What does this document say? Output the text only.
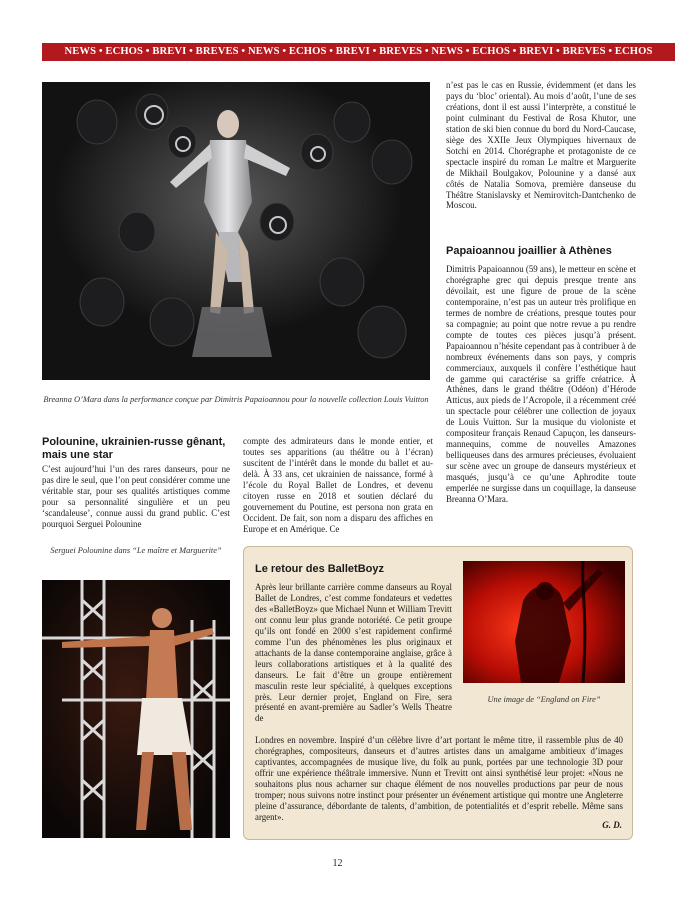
NEWS • ECHOS • BREVI • BREVES • NEWS • ECHOS • BREVI • BREVES • NEWS • ECHOS • BREVI • BREVES • ECHOS
Breanna O’Mara dans la performance conçue par Dimitris Papaioannou pour la nouvelle collection Louis Vuitton

n’est pas le cas en Russie, évidemment (et dans les pays du ‘bloc’ oriental). Au mois d’août, l’une de ses créations, dont il est aussi l’interprète, a constitué le point culminant du Festival de Rosa Khutor, une station de ski bien connue du bord du Nord-Caucase, siège des XXIIe Jeux Olympiques hivernaux de Sotchi en 2014. Chorégraphe et protagoniste de ce spectacle inspiré du roman Le maître et Marguerite de Mikhail Boulgakov, Polounine y a dansé aux côtés de Natalia Somova, première danseuse du Théâtre Stanislavsky et Nemirovitch-Dantchenko de Moscou.

Papaioannou joaillier à Athènes

Dimitris Papaioannou (59 ans), le metteur en scène et chorégraphe grec qui depuis presque trente ans dévoilait, est une figure de proue de la scène contemporaine, n’est pas un auteur très prolifique en termes de nombre de créations, presque toutes pour sa compagnie; au point que notre revue a pu rendre compte de toutes ces pièces jusqu’à présent. Papaioannou n’hésite cependant pas à contribuer à de nombreux événements dans son pays, y compris commerciaux, auxquels il confère l’esthétique haut de gamme qui caractérise sa griffe créatrice. À Athènes, dans le grand théâtre (Odéon) d’Hérode Atticus, aux pieds de l’Acropole, il a récemment créé un spectacle pour célébrer une collection de joyaux de Louis Vuitton. Sur la musique du violoniste et compositeur français Renaud Capuçon, les danseurs-mannequins, comme de nouvelles Amazones belliqueuses dans des armures précieuses, évoluaient sur scène avec un groupe de danseurs mystérieux et masqués, jusqu’à ce qu’une Aphrodite toute emperlée ne surgisse dans un coquillage, la danseuse Breanna O’Mara.

Polounine, ukrainien-russe gênant, mais une star

C’est aujourd’hui l’un des rares danseurs, pour ne pas dire le seul, que l’on peut considérer comme une véritable star, pour ses qualités artistiques comme pour sa personnalité singulière et un peu ‘scandaleuse’, connue aussi du grand public. C’est pourquoi Serguei Polounine

compte des admirateurs dans le monde entier, et toutes ses apparitions (au théâtre ou à l’écran) suscitent de l’intérêt dans le monde du ballet et au-delà. À 33 ans, cet ukrainien de naissance, formé à l’école du Royal Ballet de Londres, et devenu citoyen russe en 2018 et soutien déclaré du gouvernement du Poutine, est persona non grata en Occident. De fait, son nom a disparu des affiches en Europe et en Amérique. Ce

Serguei Polounine dans “Le maître et Marguerite”
Le retour des BalletBoyz

Après leur brillante carrière comme danseurs au Royal Ballet de Londres, c’est comme fondateurs et vedettes des «BalletBoyz» que Michael Nunn et William Trevitt ont connu leur plus grande notoriété. Ce petit groupe qu’ils ont fondé en 2000 s’est rapidement confirmé comme l’un des phénomènes les plus originaux et attachants de la danse contemporaine anglaise, grâce à leurs collaborations artistiques et à la qualité des danseurs. Le fait d’être un groupe entièrement masculin reste leur spécialité, à quelques exceptions près. Leur dernier projet, England on Fire, sera présenté en avant-première au Sadler’s Wells Theatre de

Une image de “England on Fire”

Londres en novembre. Inspiré d’un célèbre livre d’art portant le même titre, il rassemble plus de 40 chorégraphes, compositeurs, danseurs et d’autres artistes dans un amalgame ambitieux d’images captivantes, accompagnées de musique live, du folk au punk, portées par une technologie 3D pour offrir une expérience théâtrale immersive. Nunn et Trevitt ont ainsi synthétisé leur projet: «Nous ne souhaitons plus nous acharner sur chaque élément de nos nouvelles productions par peur de nous tromper; nous suivons notre instinct pour présenter un événement artistique qui montre une Angleterre pleine d’assurance, débordante de talents, d’ambition, de potentialités et d’esprit rebelle. Même sans argent».

G. D.
12
